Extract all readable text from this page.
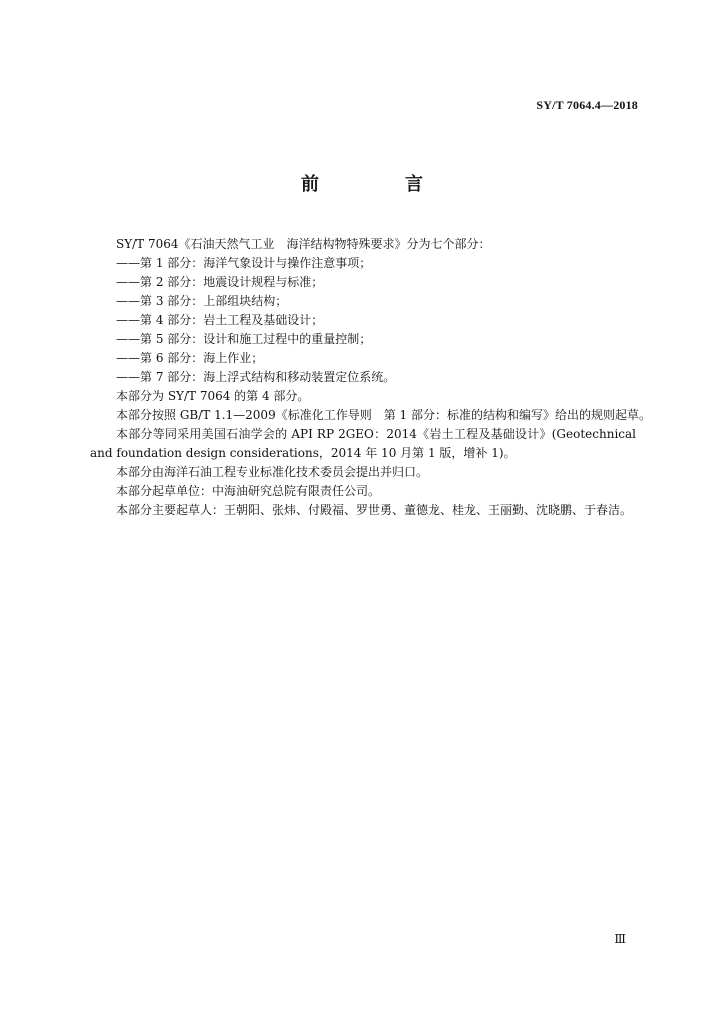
SY/T 7064.4—2018
前　言
SY/T 7064《石油天然气工业　海洋结构物特殊要求》分为七个部分：
——第 1 部分：海洋气象设计与操作注意事项；
——第 2 部分：地震设计规程与标准；
——第 3 部分：上部组块结构；
——第 4 部分：岩土工程及基础设计；
——第 5 部分：设计和施工过程中的重量控制；
——第 6 部分：海上作业；
——第 7 部分：海上浮式结构和移动装置定位系统。
本部分为 SY/T 7064 的第 4 部分。
本部分按照 GB/T 1.1—2009《标准化工作导则　第 1 部分：标准的结构和编写》给出的规则起草。
本部分等同采用美国石油学会的 API RP 2GEO：2014《岩土工程及基础设计》(Geotechnical and foundation design considerations，2014 年 10 月第 1 版，增补 1)。
本部分由海洋石油工程专业标准化技术委员会提出并归口。
本部分起草单位：中海油研究总院有限责任公司。
本部分主要起草人：王朝阳、张炜、付殿福、罗世勇、董德龙、桂龙、王丽勤、沈晓鹏、于春洁。
Ⅲ
